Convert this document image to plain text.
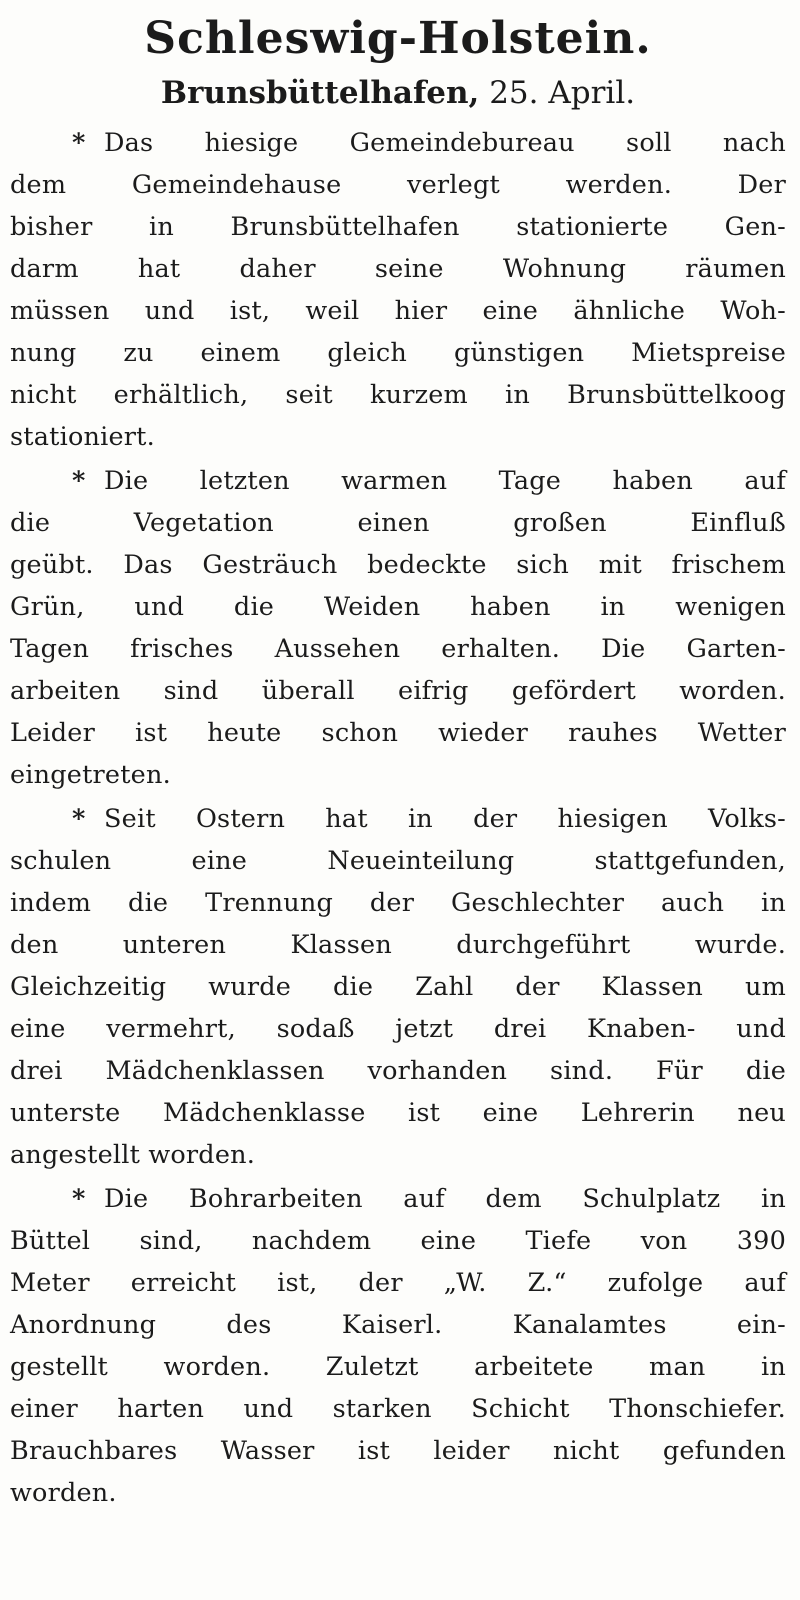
Schleswig-Holstein.
Brunsbüttelhafen, 25. April.
* Das hiesige Gemeindebureau soll nach
dem Gemeindehause verlegt werden. Der
bisher in Brunsbüttelhafen stationierte Gen-
darm hat daher seine Wohnung räumen
müssen und ist, weil hier eine ähnliche Woh-
nung zu einem gleich günstigen Mietspreise
nicht erhältlich, seit kurzem in Brunsbüttelkoog
stationiert.
* Die letzten warmen Tage haben auf
die Vegetation einen großen Einfluß
geübt. Das Gesträuch bedeckte sich mit frischem
Grün, und die Weiden haben in wenigen
Tagen frisches Aussehen erhalten. Die Garten-
arbeiten sind überall eifrig gefördert worden.
Leider ist heute schon wieder rauhes Wetter
eingetreten.
* Seit Ostern hat in der hiesigen Volks-
schulen eine Neueinteilung stattgefunden,
indem die Trennung der Geschlechter auch in
den unteren Klassen durchgeführt wurde.
Gleichzeitig wurde die Zahl der Klassen um
eine vermehrt, sodaß jetzt drei Knaben- und
drei Mädchenklassen vorhanden sind. Für die
unterste Mädchenklasse ist eine Lehrerin neu
angestellt worden.
* Die Bohrarbeiten auf dem Schulplatz in
Büttel sind, nachdem eine Tiefe von 390
Meter erreicht ist, der „W. Z.“ zufolge auf
Anordnung des Kaiserl. Kanalamtes ein-
gestellt worden. Zuletzt arbeitete man in
einer harten und starken Schicht Thonschiefer.
Brauchbares Wasser ist leider nicht gefunden
worden.
